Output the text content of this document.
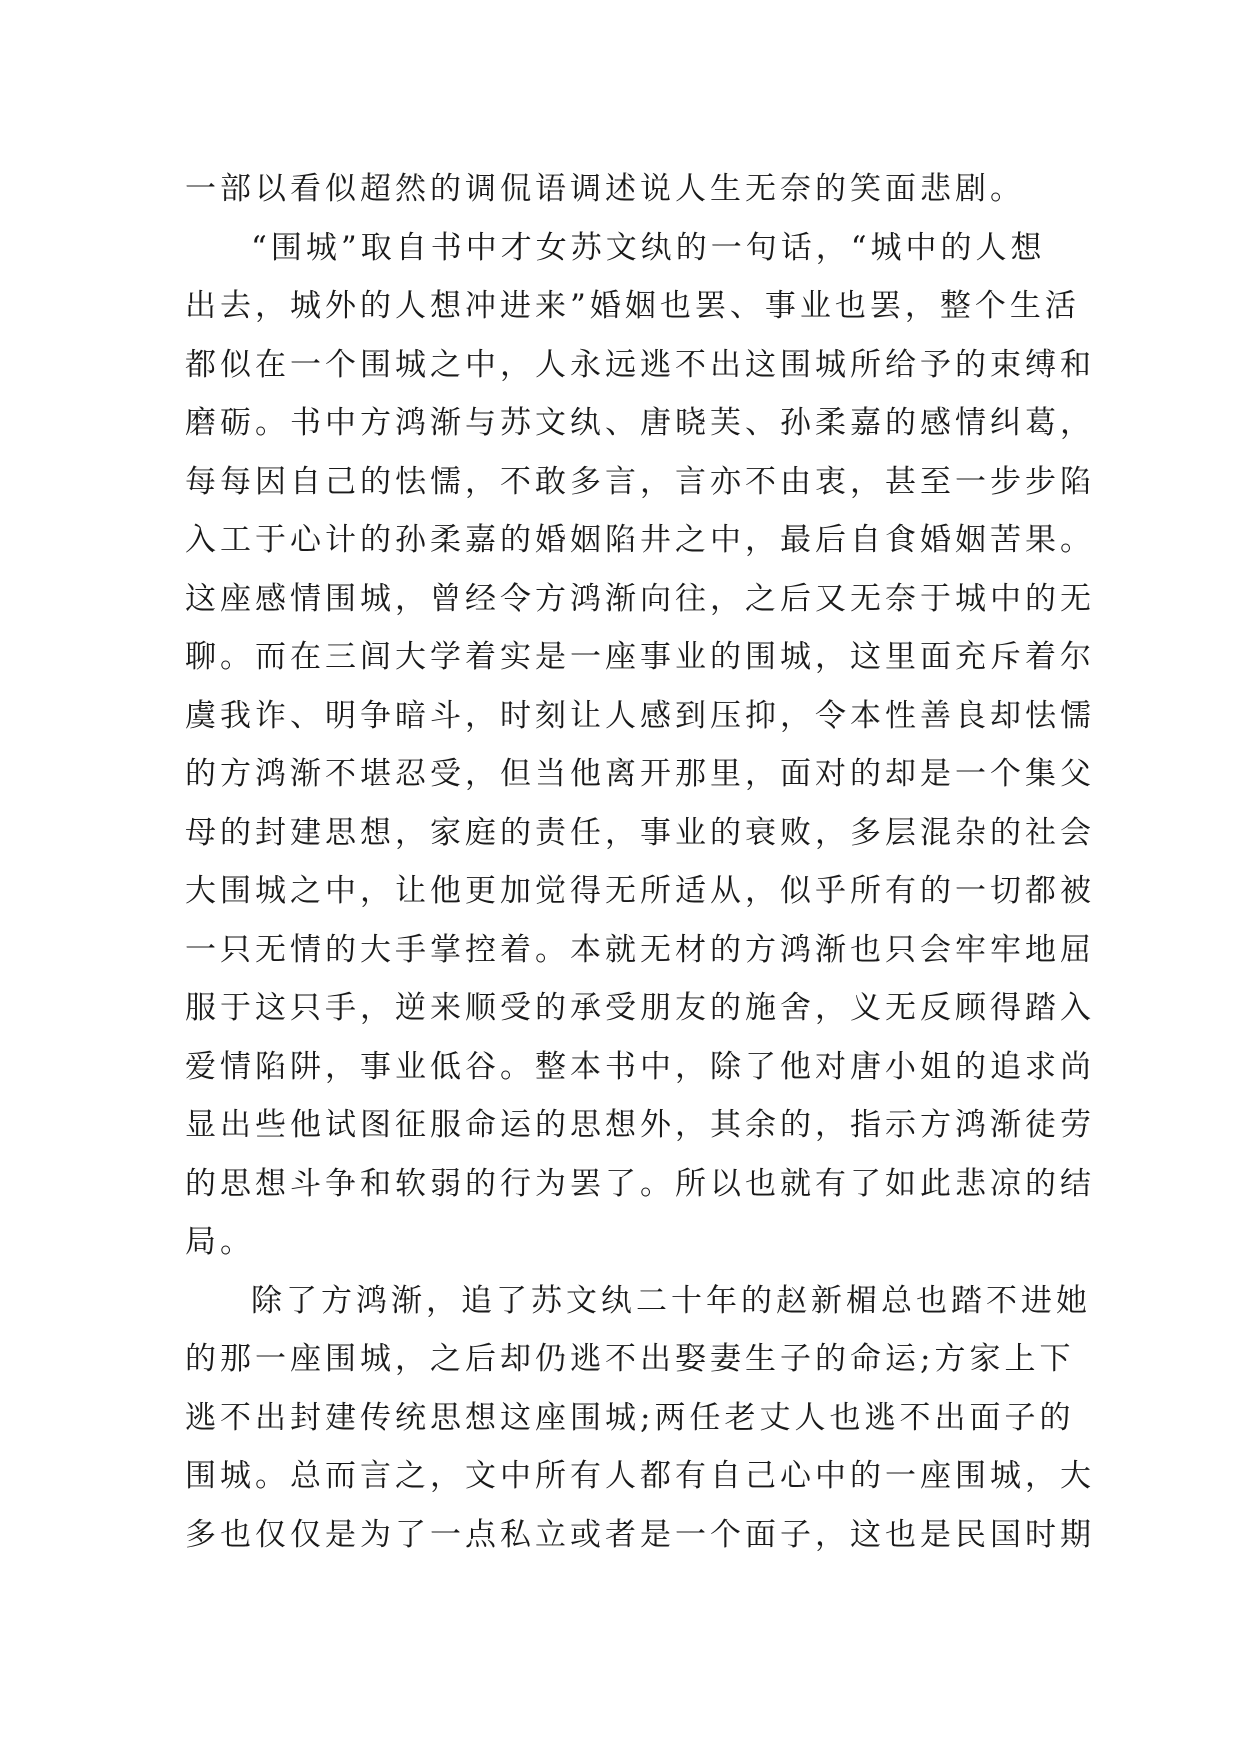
一部以看似超然的调侃语调述说人生无奈的笑面悲剧。
“围城”取自书中才女苏文纨的一句话，“城中的人想
出去，城外的人想冲进来”婚姻也罢、事业也罢，整个生活
都似在一个围城之中，人永远逃不出这围城所给予的束缚和
磨砺。书中方鸿渐与苏文纨、唐晓芙、孙柔嘉的感情纠葛，
每每因自己的怯懦，不敢多言，言亦不由衷，甚至一步步陷
入工于心计的孙柔嘉的婚姻陷井之中，最后自食婚姻苦果。
这座感情围城，曾经令方鸿渐向往，之后又无奈于城中的无
聊。而在三闾大学着实是一座事业的围城，这里面充斥着尔
虞我诈、明争暗斗，时刻让人感到压抑，令本性善良却怯懦
的方鸿渐不堪忍受，但当他离开那里，面对的却是一个集父
母的封建思想，家庭的责任，事业的衰败，多层混杂的社会
大围城之中，让他更加觉得无所适从，似乎所有的一切都被
一只无情的大手掌控着。本就无材的方鸿渐也只会牢牢地屈
服于这只手，逆来顺受的承受朋友的施舍，义无反顾得踏入
爱情陷阱，事业低谷。整本书中，除了他对唐小姐的追求尚
显出些他试图征服命运的思想外，其余的，指示方鸿渐徒劳
的思想斗争和软弱的行为罢了。所以也就有了如此悲凉的结
局。
除了方鸿渐，追了苏文纨二十年的赵新楣总也踏不进她
的那一座围城，之后却仍逃不出娶妻生子的命运;方家上下
逃不出封建传统思想这座围城;两任老丈人也逃不出面子的
围城。总而言之，文中所有人都有自己心中的一座围城，大
多也仅仅是为了一点私立或者是一个面子，这也是民国时期
